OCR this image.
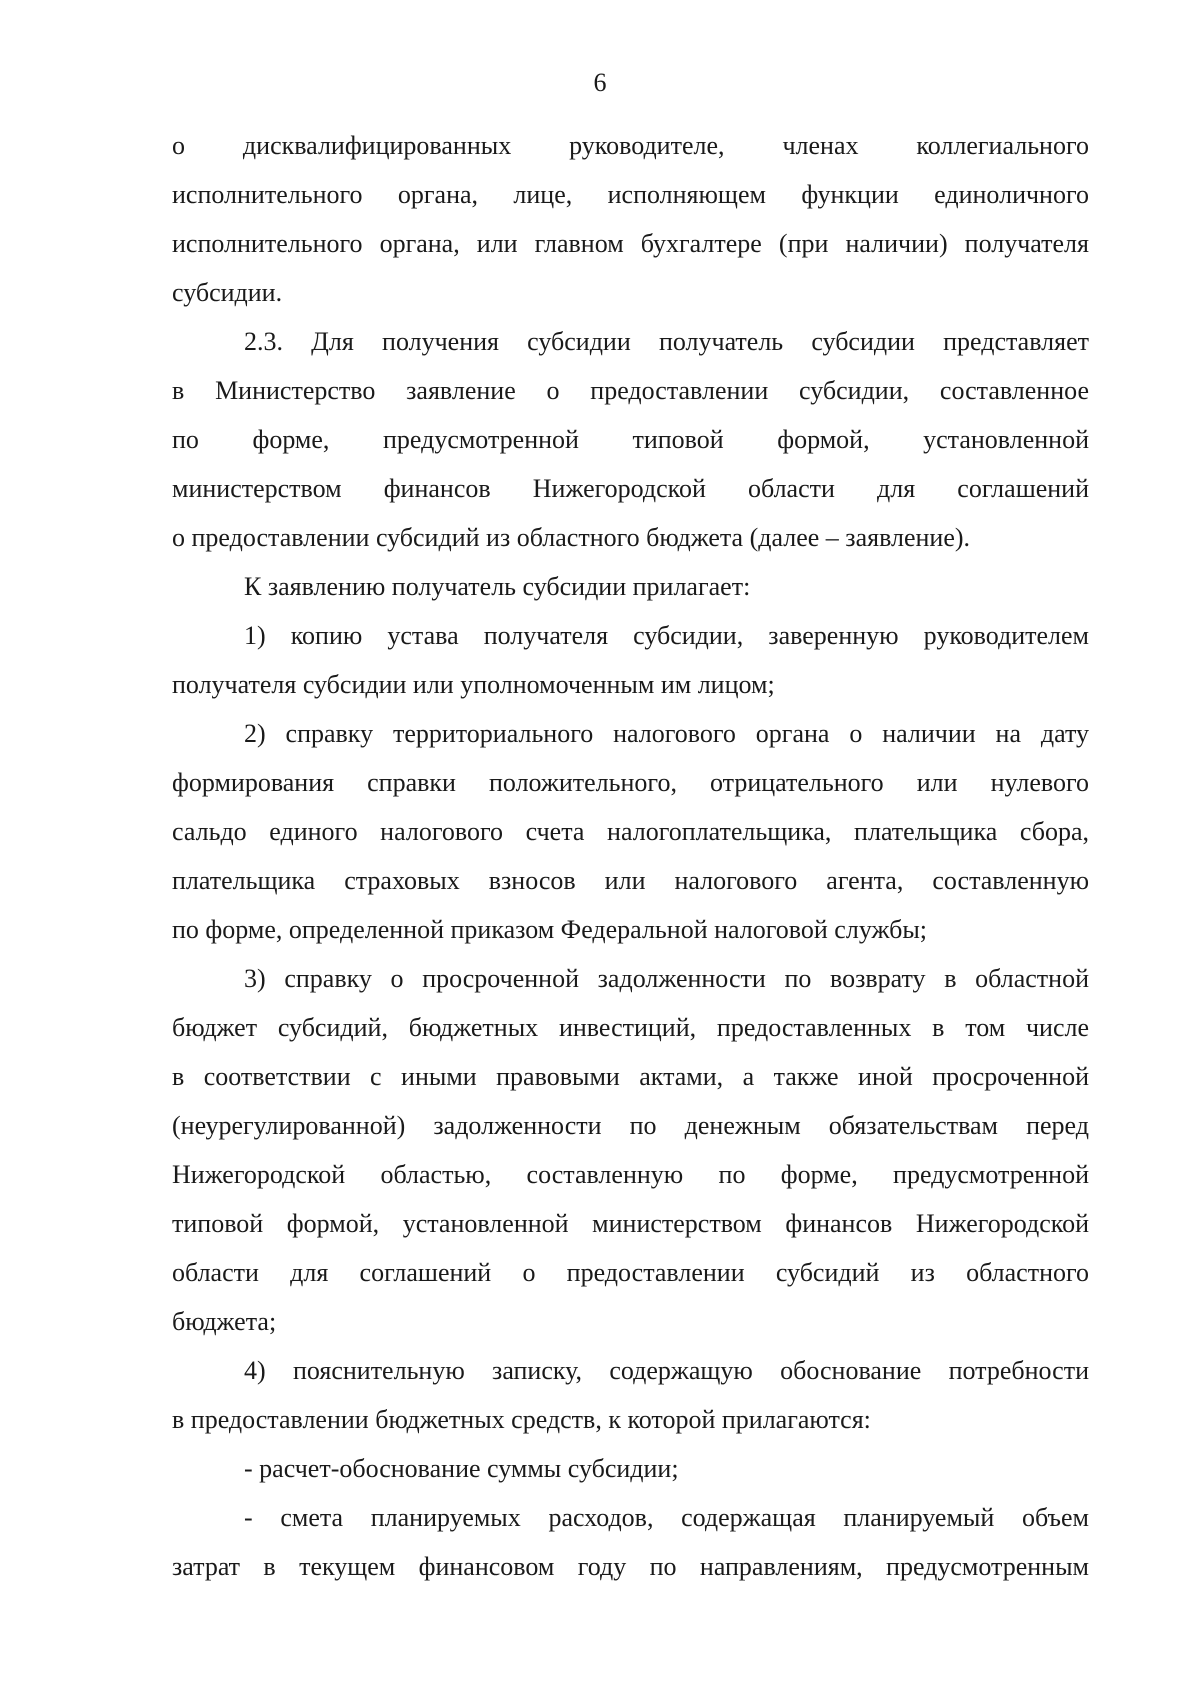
6
о дисквалифицированных руководителе, членах коллегиального
исполнительного органа, лице, исполняющем функции единоличного
исполнительного органа, или главном бухгалтере (при наличии) получателя
субсидии.
2.3. Для получения субсидии получатель субсидии представляет
в Министерство заявление о предоставлении субсидии, составленное
по форме, предусмотренной типовой формой, установленной
министерством финансов Нижегородской области для соглашений
о предоставлении субсидий из областного бюджета (далее – заявление).
К заявлению получатель субсидии прилагает:
1) копию устава получателя субсидии, заверенную руководителем
получателя субсидии или уполномоченным им лицом;
2) справку территориального налогового органа о наличии на дату
формирования справки положительного, отрицательного или нулевого
сальдо единого налогового счета налогоплательщика, плательщика сбора,
плательщика страховых взносов или налогового агента, составленную
по форме, определенной приказом Федеральной налоговой службы;
3) справку о просроченной задолженности по возврату в областной
бюджет субсидий, бюджетных инвестиций, предоставленных в том числе
в соответствии с иными правовыми актами, а также иной просроченной
(неурегулированной) задолженности по денежным обязательствам перед
Нижегородской областью, составленную по форме, предусмотренной
типовой формой, установленной министерством финансов Нижегородской
области для соглашений о предоставлении субсидий из областного
бюджета;
4) пояснительную записку, содержащую обоснование потребности
в предоставлении бюджетных средств, к которой прилагаются:
- расчет-обоснование суммы субсидии;
- смета планируемых расходов, содержащая планируемый объем
затрат в текущем финансовом году по направлениям, предусмотренным
